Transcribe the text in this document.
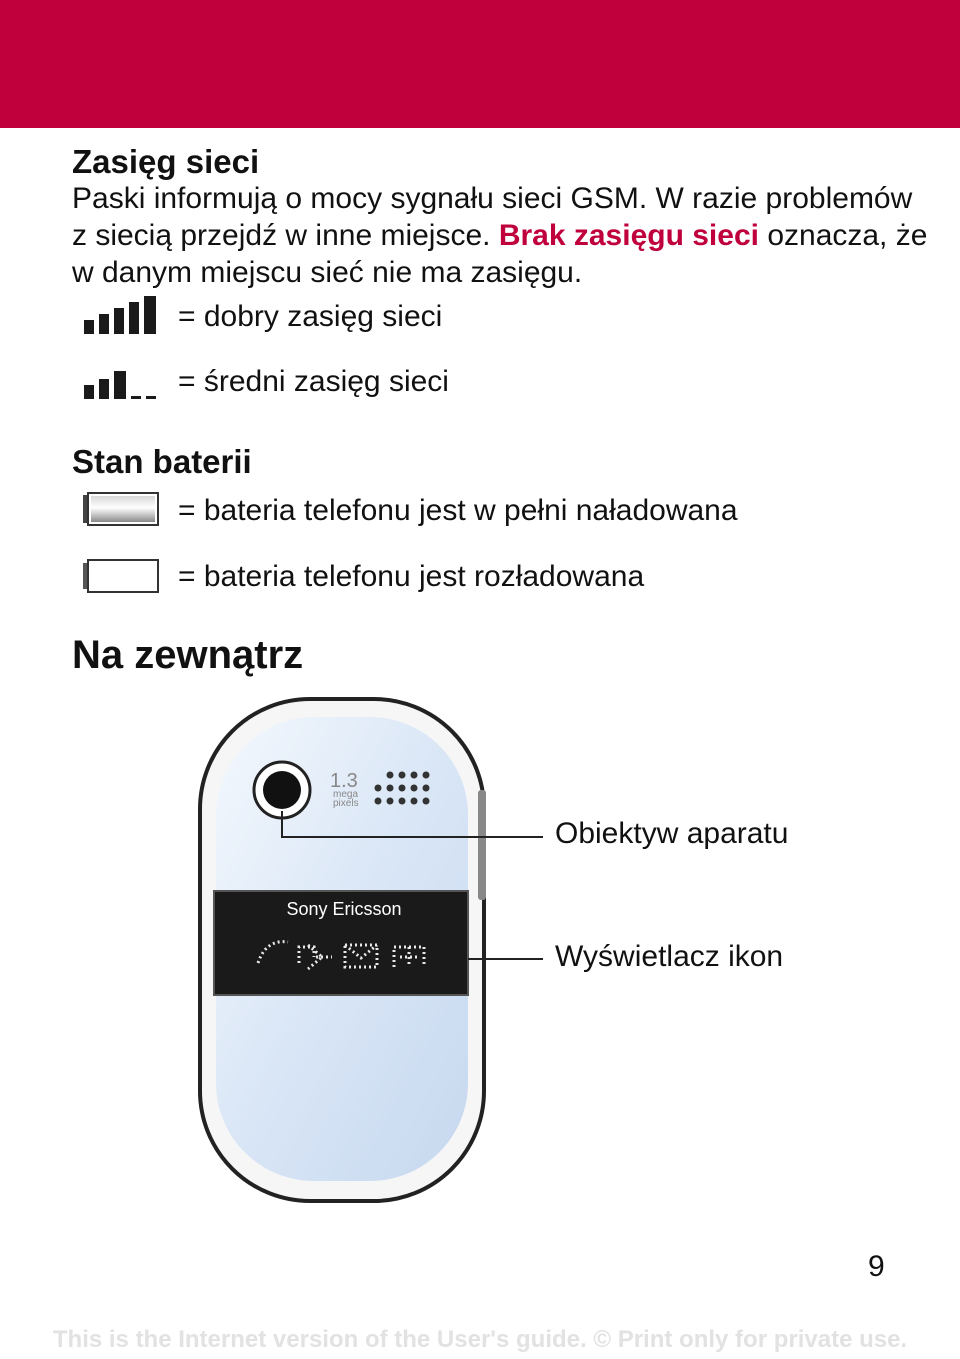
Zasięg sieci

Paski informują o mocy sygnału sieci GSM. W razie problemów z siecią przejdź w inne miejsce. Brak zasięgu sieci oznacza, że w danym miejscu sieć nie ma zasięgu.

= dobry zasięg sieci
= średni zasięg sieci
Stan baterii
= bateria telefonu jest w pełni naładowana
= bateria telefonu jest rozładowana
Na zewnątrz
1.3
mega
pixels
Sony Ericsson
Obiektyw aparatu
Wyświetlacz ikon
9
This is the Internet version of the User's guide. © Print only for private use.
